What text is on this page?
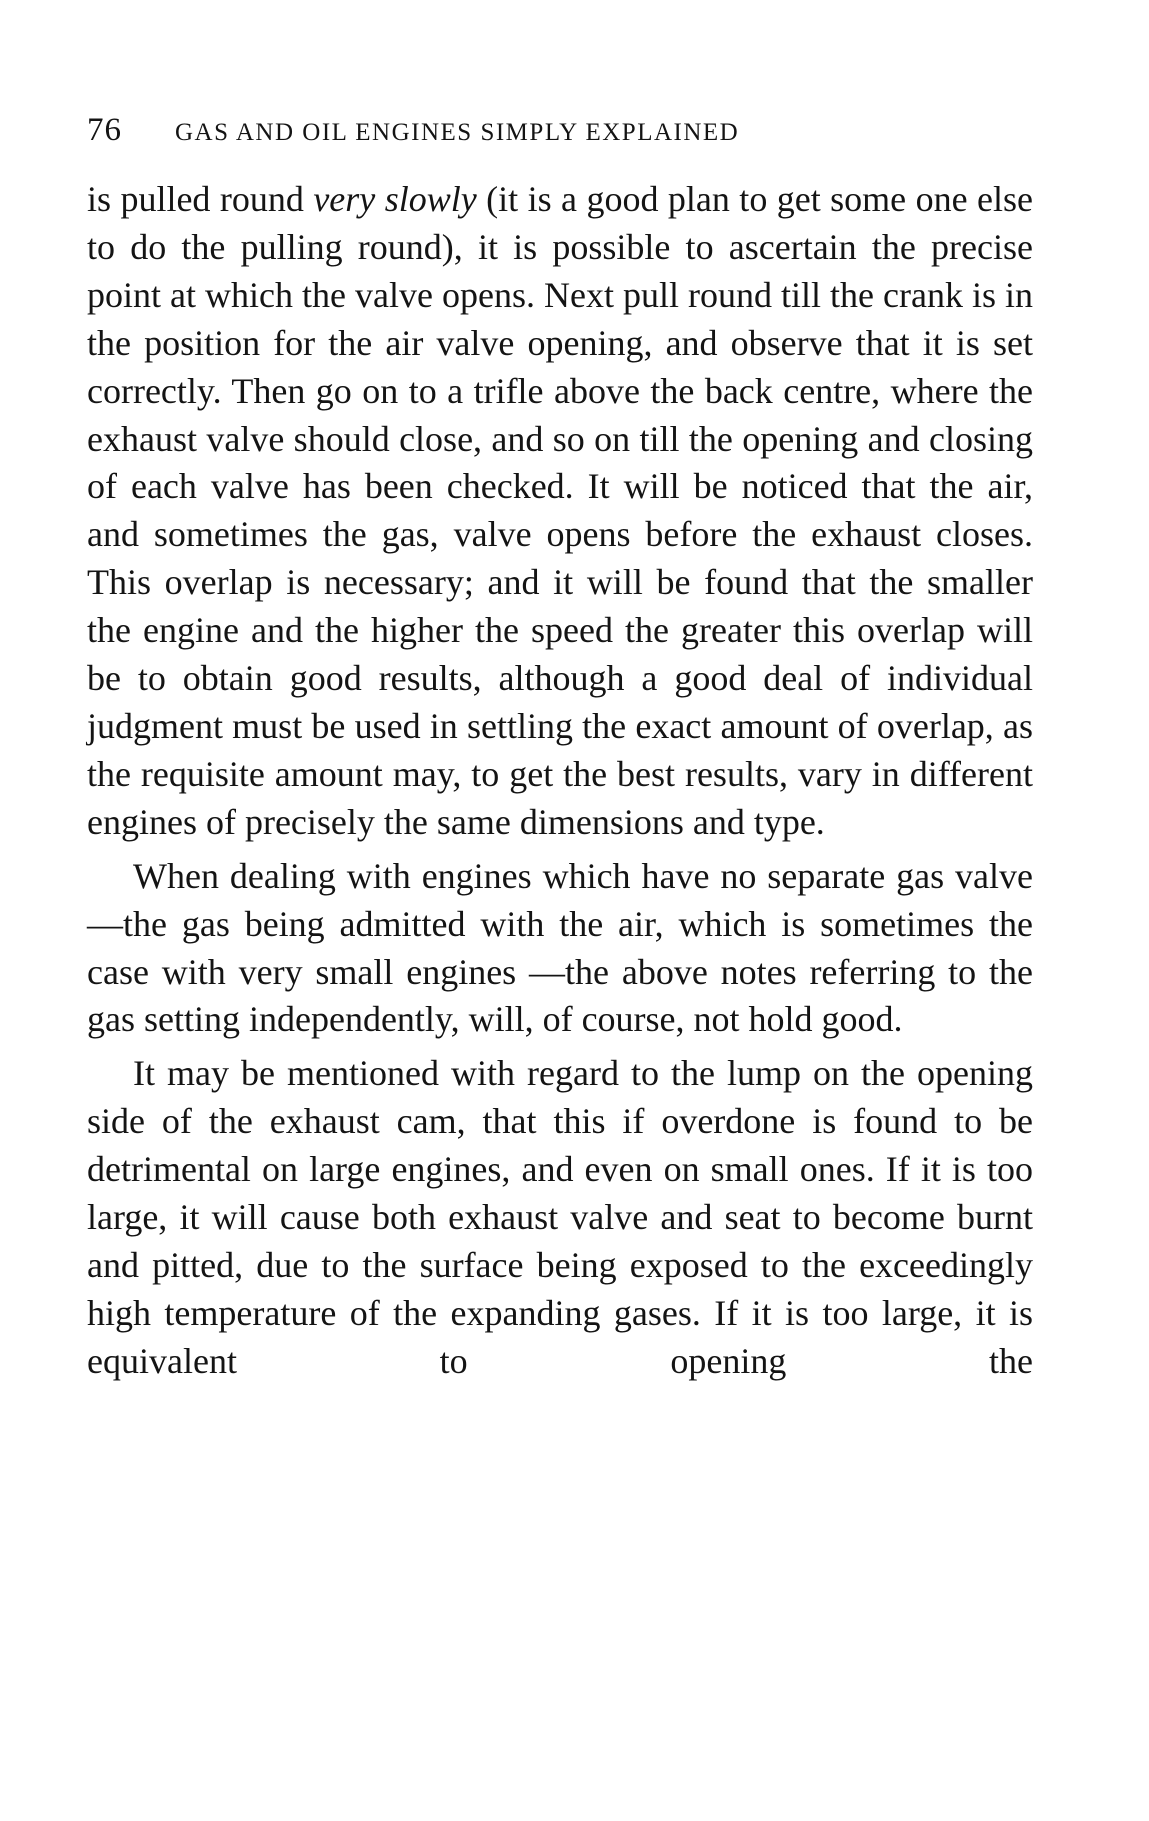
76	GAS AND OIL ENGINES SIMPLY EXPLAINED

is pulled round very slowly (it is a good plan to get some one else to do the pulling round), it is possible to ascertain the precise point at which the valve opens. Next pull round till the crank is in the position for the air valve opening, and observe that it is set correctly. Then go on to a trifle above the back centre, where the exhaust valve should close, and so on till the opening and closing of each valve has been checked. It will be noticed that the air, and sometimes the gas, valve opens before the exhaust closes. This overlap is necessary; and it will be found that the smaller the engine and the higher the speed the greater this overlap will be to obtain good results, although a good deal of individual judgment must be used in settling the exact amount of overlap, as the requisite amount may, to get the best results, vary in different engines of precisely the same dimensions and type.

When dealing with engines which have no separate gas valve—the gas being admitted with the air, which is sometimes the case with very small engines —the above notes referring to the gas setting independently, will, of course, not hold good.

It may be mentioned with regard to the lump on the opening side of the exhaust cam, that this if overdone is found to be detrimental on large engines, and even on small ones. If it is too large, it will cause both exhaust valve and seat to become burnt and pitted, due to the surface being exposed to the exceedingly high temperature of the expanding gases. If it is too large, it is equivalent to opening the
